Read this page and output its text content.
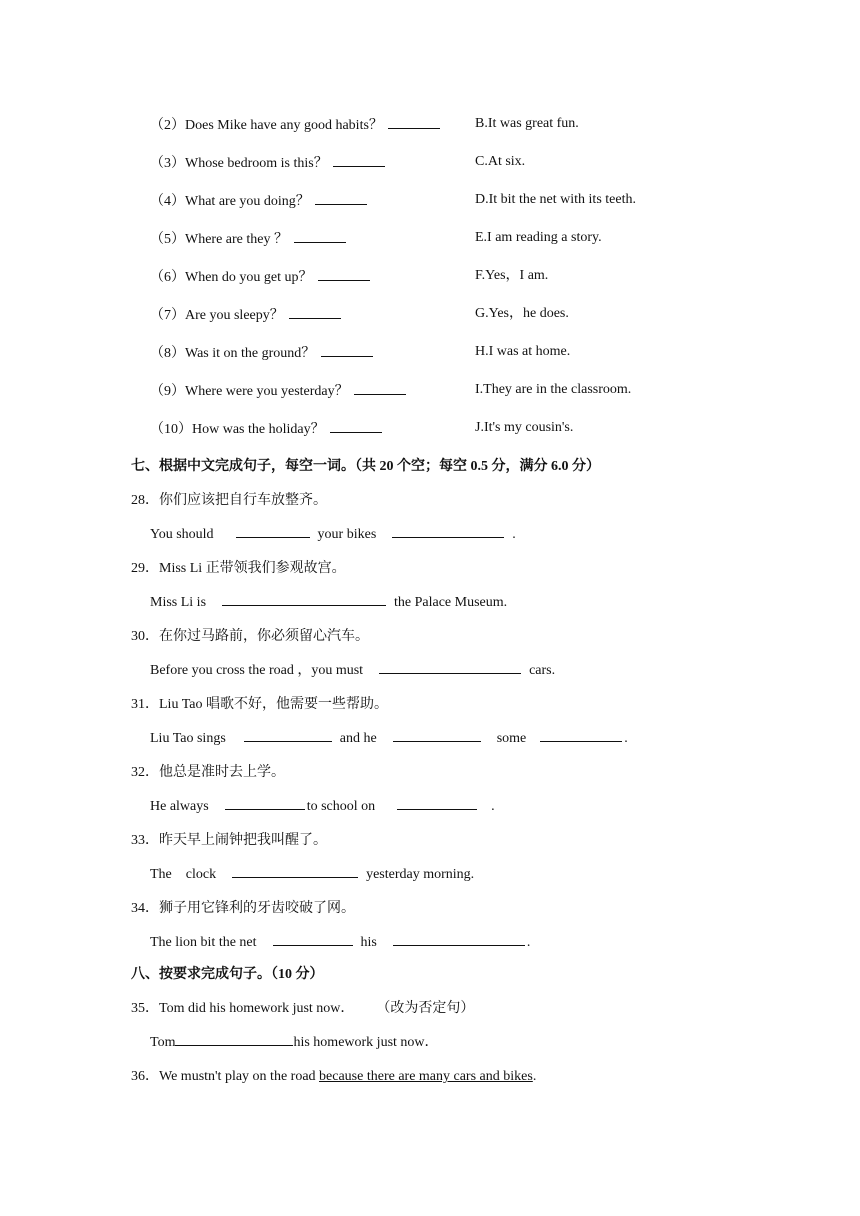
（2）Does Mike have any good habits？	B.It was great fun.
（3）Whose bedroom is this？	C.At six.
（4）What are you doing？	D.It bit the net with its teeth.
（5）Where are they ？	E.I am reading a story.
（6）When do you get up？	F.Yes，I am.
（7）Are you sleepy？	G.Yes，he does.
（8）Was it on the ground？	H.I was at home.
（9）Where were you yesterday？	I.They are in the classroom.
（10）How was the holiday？	J.It's my cousin's.
七、根据中文完成句子，每空一词。（共 20 个空；每空 0.5 分，满分 6.0 分）
28．你们应该把自行车放整齐。
You should	your bikes	.
29．Miss Li 正带领我们参观故宫。
Miss Li is	the Palace Museum.
30．在你过马路前，你必须留心汽车。
Before you cross the road ，you must	cars.
31．Liu Tao 唱歌不好，他需要一些帮助。
Liu Tao sings	and he	some	.
32．他总是准时去上学。
He always	to school on	.
33．昨天早上闹钟把我叫醒了。
The    clock	yesterday morning.
34．狮子用它锋利的牙齿咬破了网。
The lion bit the net	his	.
八、按要求完成句子。（10 分）
35．Tom did his homework just now． （改为否定句）
Tom	his homework just now．
36．We mustn't play on the road because there are many cars and bikes.
